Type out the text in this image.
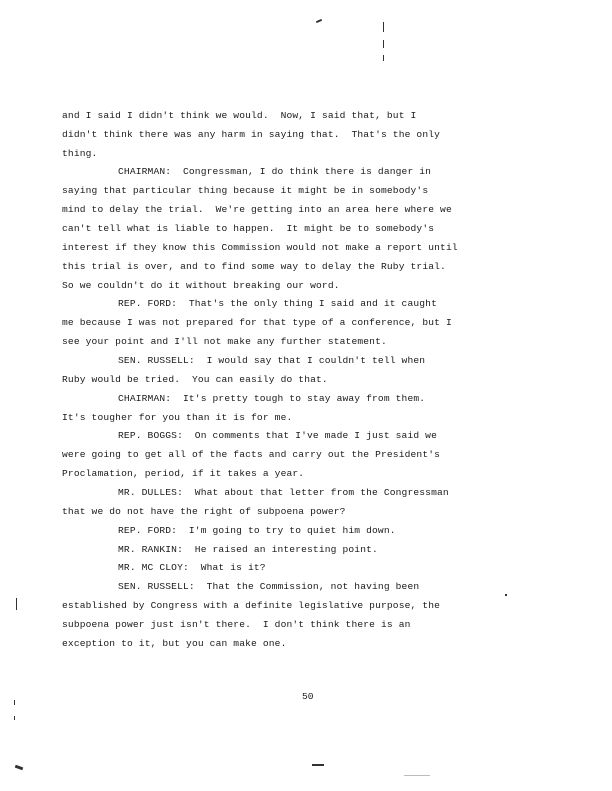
and I said I didn't think we would.  Now, I said that, but I
didn't think there was any harm in saying that.  That's the only
thing.
CHAIRMAN:  Congressman, I do think there is danger in
saying that particular thing because it might be in somebody's
mind to delay the trial.  We're getting into an area here where we
can't tell what is liable to happen.  It might be to somebody's
interest if they know this Commission would not make a report until
this trial is over, and to find some way to delay the Ruby trial.
So we couldn't do it without breaking our word.
REP. FORD:  That's the only thing I said and it caught
me because I was not prepared for that type of a conference, but I
see your point and I'll not make any further statement.
SEN. RUSSELL:  I would say that I couldn't tell when
Ruby would be tried.  You can easily do that.
CHAIRMAN:  It's pretty tough to stay away from them.
It's tougher for you than it is for me.
REP. BOGGS:  On comments that I've made I just said we
were going to get all of the facts and carry out the President's
Proclamation, period, if it takes a year.
MR. DULLES:  What about that letter from the Congressman
that we do not have the right of subpoena power?
REP. FORD:  I'm going to try to quiet him down.
MR. RANKIN:  He raised an interesting point.
MR. MC CLOY:  What is it?
SEN. RUSSELL:  That the Commission, not having been
established by Congress with a definite legislative purpose, the
subpoena power just isn't there.  I don't think there is an
exception to it, but you can make one.
50
